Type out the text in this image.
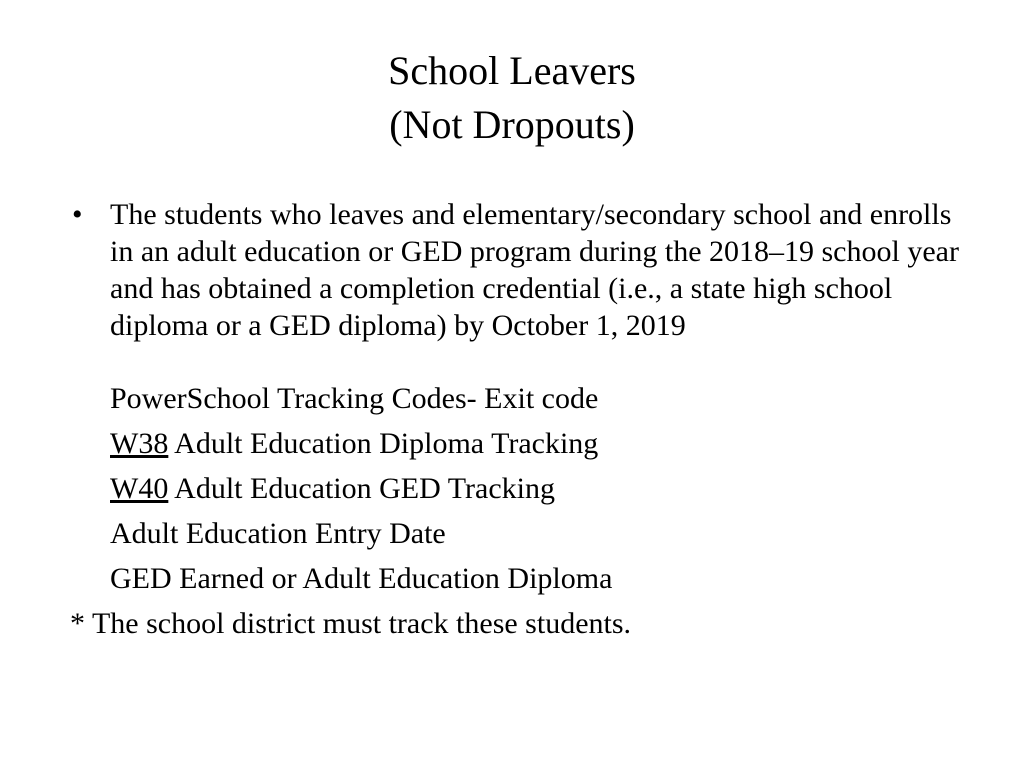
School Leavers
(Not Dropouts)
• The students who leaves and elementary/secondary school and enrolls in an adult education or GED program during the 2018–19 school year and has obtained a completion credential (i.e., a state high school diploma or a GED diploma) by October 1, 2019
PowerSchool Tracking Codes- Exit code
W38 Adult Education Diploma Tracking
W40 Adult Education GED Tracking
Adult Education Entry Date
GED Earned or Adult Education Diploma
* The school district must track these students.
